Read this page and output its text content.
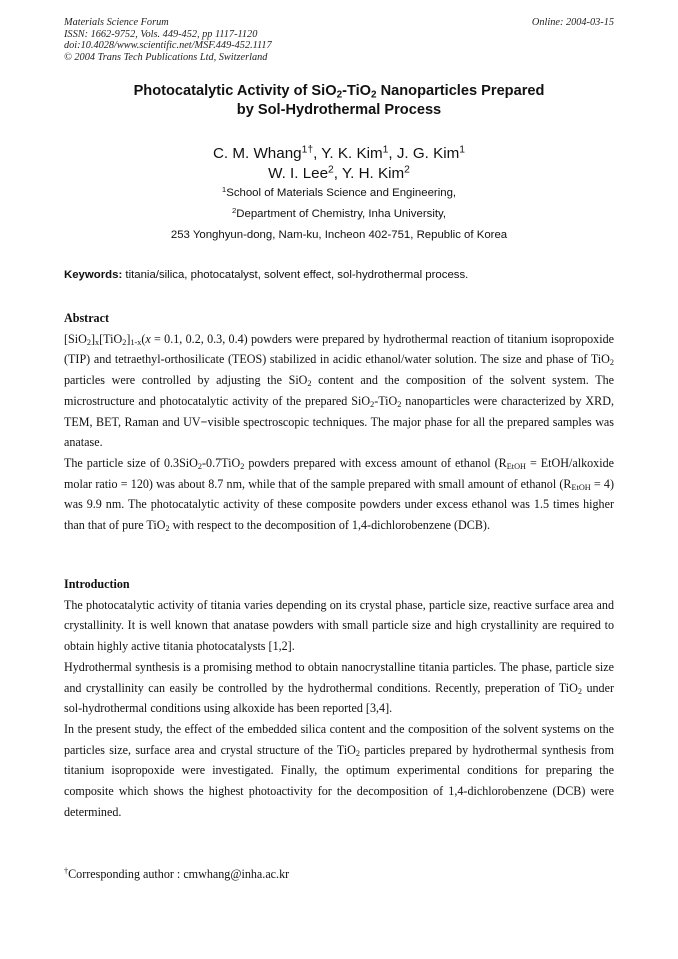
Materials Science Forum
ISSN: 1662-9752, Vols. 449-452, pp 1117-1120
doi:10.4028/www.scientific.net/MSF.449-452.1117
© 2004 Trans Tech Publications Ltd, Switzerland
Online: 2004-03-15
Photocatalytic Activity of SiO$_2$-TiO$_2$ Nanoparticles Prepared
by Sol-Hydrothermal Process
C. M. Whang$^{1\dagger}$, Y. K. Kim$^1$, J. G. Kim$^1$
W. I. Lee$^2$, Y. H. Kim$^2$
$^1$School of Materials Science and Engineering,
$^2$Department of Chemistry, Inha University,
253 Yonghyun-dong, Nam-ku, Incheon 402-751, Republic of Korea
Keywords: titania/silica, photocatalyst, solvent effect, sol-hydrothermal process.
Abstract

$[SiO_2]_x[TiO_2]_{1-x}(x = 0.1$, 0.2, 0.3, 0.4) powders were prepared by hydrothermal reaction of titanium isopropoxide (TIP) and tetraethyl-orthosilicate (TEOS) stabilized in acidic ethanol/water solution. The size and phase of TiO$_2$ particles were controlled by adjusting the SiO$_2$ content and the composition of the solvent system. The microstructure and photocatalytic activity of the prepared SiO$_2$-TiO$_2$ nanoparticles were characterized by XRD, TEM, BET, Raman and UV−visible spectroscopic techniques. The major phase for all the prepared samples was anatase.

The particle size of 0.3SiO$_2$-0.7TiO$_2$ powders prepared with excess amount of ethanol ($R_{EtOH}$ = EtOH/alkoxide molar ratio = 120) was about 8.7 nm, while that of the sample prepared with small amount of ethanol $(R_{EtOH} = 4)$ was 9.9 nm. The photocatalytic activity of these composite powders under excess ethanol was 1.5 times higher than that of pure TiO$_2$ with respect to the decomposition of 1,4-dichlorobenzene (DCB).

Introduction

The photocatalytic activity of titania varies depending on its crystal phase, particle size, reactive surface area and crystallinity. It is well known that anatase powders with small particle size and high crystallinity are required to obtain highly active titania photocatalysts [1,2].

Hydrothermal synthesis is a promising method to obtain nanocrystalline titania particles. The phase, particle size and crystallinity can easily be controlled by the hydrothermal conditions. Recently, preperation of TiO$_2$ under sol-hydrothermal conditions using alkoxide has been reported [3,4].

In the present study, the effect of the embedded silica content and the composition of the solvent systems on the particles size, surface area and crystal structure of the TiO$_2$ particles prepared by hydrothermal synthesis from titanium isopropoxide were investigated. Finally, the optimum experimental conditions for preparing the composite which shows the highest photoactivity for the decomposition of 1,4-dichlorobenzene (DCB) were determined.

†Corresponding author : cmwhang@inha.ac.kr
